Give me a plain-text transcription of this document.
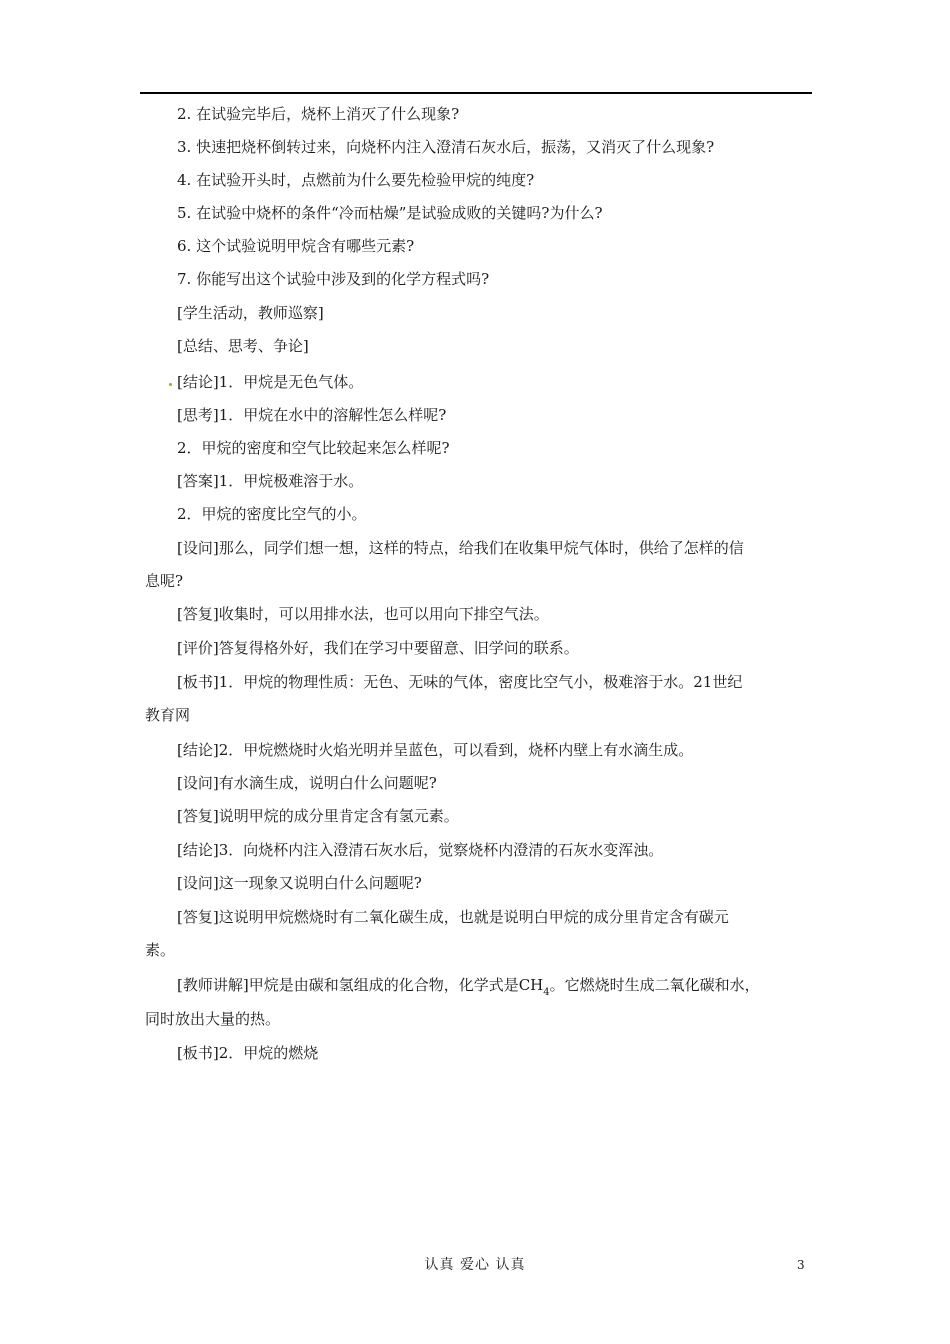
2. 在试验完毕后，烧杯上消灭了什么现象?
3. 快速把烧杯倒转过来，向烧杯内注入澄清石灰水后，振荡，又消灭了什么现象?
4. 在试验开头时，点燃前为什么要先检验甲烷的纯度?
5. 在试验中烧杯的条件“冷而枯燥”是试验成败的关键吗?为什么?
6. 这个试验说明甲烷含有哪些元素?
7. 你能写出这个试验中涉及到的化学方程式吗?
[学生活动，教师巡察]
[总结、思考、争论]
[结论]1．甲烷是无色气体。
[思考]1．甲烷在水中的溶解性怎么样呢?
2．甲烷的密度和空气比较起来怎么样呢?
[答案]1．甲烷极难溶于水。
2．甲烷的密度比空气的小。
[设问]那么，同学们想一想，这样的特点，给我们在收集甲烷气体时，供给了怎样的信
息呢?
[答复]收集时，可以用排水法，也可以用向下排空气法。
[评价]答复得格外好，我们在学习中要留意、旧学问的联系。
[板书]1．甲烷的物理性质：无色、无味的气体，密度比空气小，极难溶于水。21世纪
教育网
[结论]2．甲烷燃烧时火焰光明并呈蓝色，可以看到，烧杯内壁上有水滴生成。
[设问]有水滴生成，说明白什么问题呢?
[答复]说明甲烷的成分里肯定含有氢元素。
[结论]3．向烧杯内注入澄清石灰水后，觉察烧杯内澄清的石灰水变浑浊。
[设问]这一现象又说明白什么问题呢?
[答复]这说明甲烷燃烧时有二氧化碳生成，也就是说明白甲烷的成分里肯定含有碳元
素。
[教师讲解]甲烷是由碳和氢组成的化合物，化学式是$CH_4$。它燃烧时生成二氧化碳和水，
同时放出大量的热。
[板书]2．甲烷的燃烧
认真 爱心 认真	3
